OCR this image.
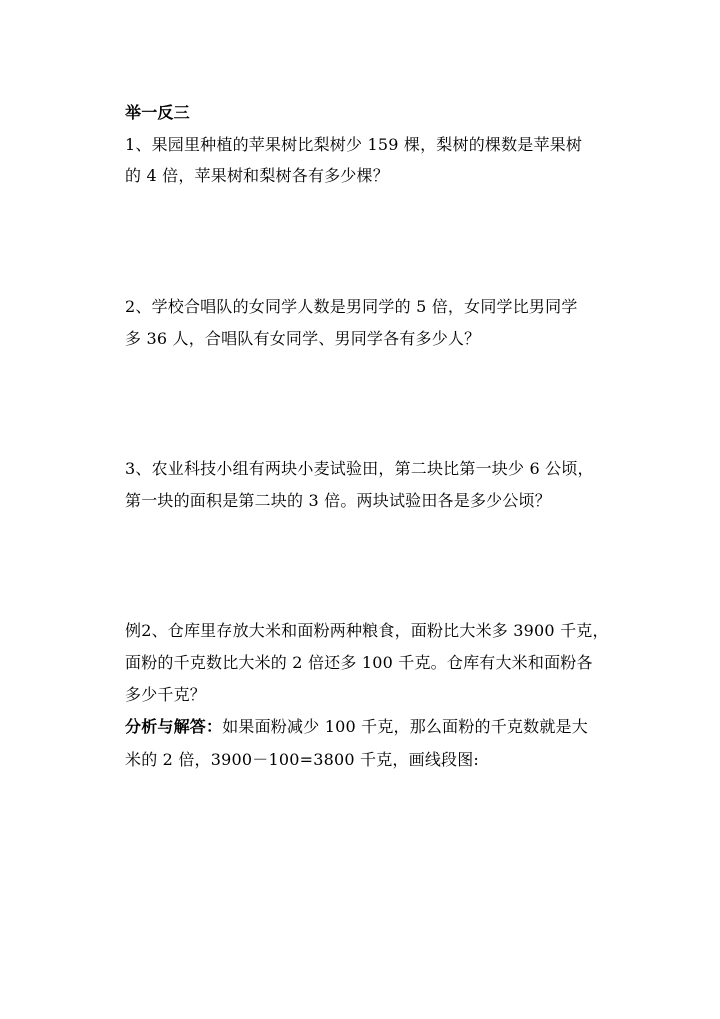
举一反三
1、果园里种植的苹果树比梨树少 159 棵，梨树的棵数是苹果树
的 4 倍，苹果树和梨树各有多少棵？
2、学校合唱队的女同学人数是男同学的 5 倍，女同学比男同学
多 36 人，合唱队有女同学、男同学各有多少人？
3、农业科技小组有两块小麦试验田，第二块比第一块少 6 公顷，
第一块的面积是第二块的 3 倍。两块试验田各是多少公顷？
例2、仓库里存放大米和面粉两种粮食，面粉比大米多 3900 千克，
面粉的千克数比大米的 2 倍还多 100 千克。仓库有大米和面粉各
多少千克？
分析与解答：如果面粉减少 100 千克，那么面粉的千克数就是大
米的 2 倍，3900－100=3800 千克，画线段图:
